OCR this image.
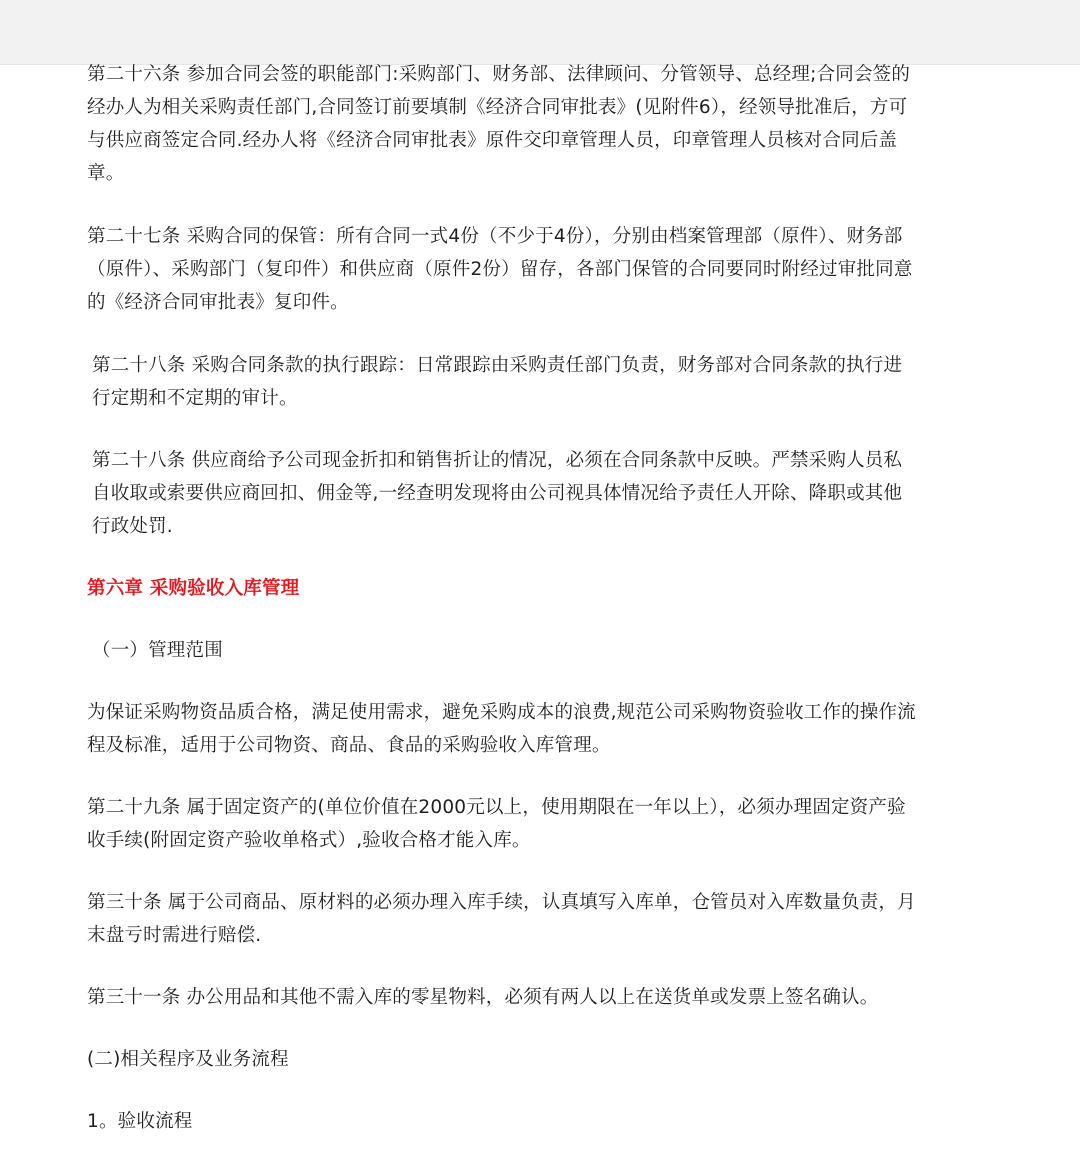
第二十六条 参加合同会签的职能部门:采购部门、财务部、法律顾问、分管领导、总经理;合同会签的经办人为相关采购责任部门,合同签订前要填制《经济合同审批表》(见附件6），经领导批准后，方可与供应商签定合同.经办人将《经济合同审批表》原件交印章管理人员，印章管理人员核对合同后盖章。

第二十七条 采购合同的保管：所有合同一式4份（不少于4份），分别由档案管理部（原件）、财务部（原件）、采购部门（复印件）和供应商（原件2份）留存，各部门保管的合同要同时附经过审批同意的《经济合同审批表》复印件。

第二十八条 采购合同条款的执行跟踪：日常跟踪由采购责任部门负责，财务部对合同条款的执行进行定期和不定期的审计。

第二十八条 供应商给予公司现金折扣和销售折让的情况，必须在合同条款中反映。严禁采购人员私自收取或索要供应商回扣、佣金等,一经查明发现将由公司视具体情况给予责任人开除、降职或其他行政处罚.

第六章 采购验收入库管理

（一）管理范围

为保证采购物资品质合格，满足使用需求，避免采购成本的浪费,规范公司采购物资验收工作的操作流程及标准，适用于公司物资、商品、食品的采购验收入库管理。

第二十九条 属于固定资产的(单位价值在2000元以上，使用期限在一年以上），必须办理固定资产验收手续(附固定资产验收单格式）,验收合格才能入库。

第三十条 属于公司商品、原材料的必须办理入库手续，认真填写入库单，仓管员对入库数量负责，月末盘亏时需进行赔偿.

第三十一条 办公用品和其他不需入库的零星物料，必须有两人以上在送货单或发票上签名确认。

(二)相关程序及业务流程

1。验收流程
